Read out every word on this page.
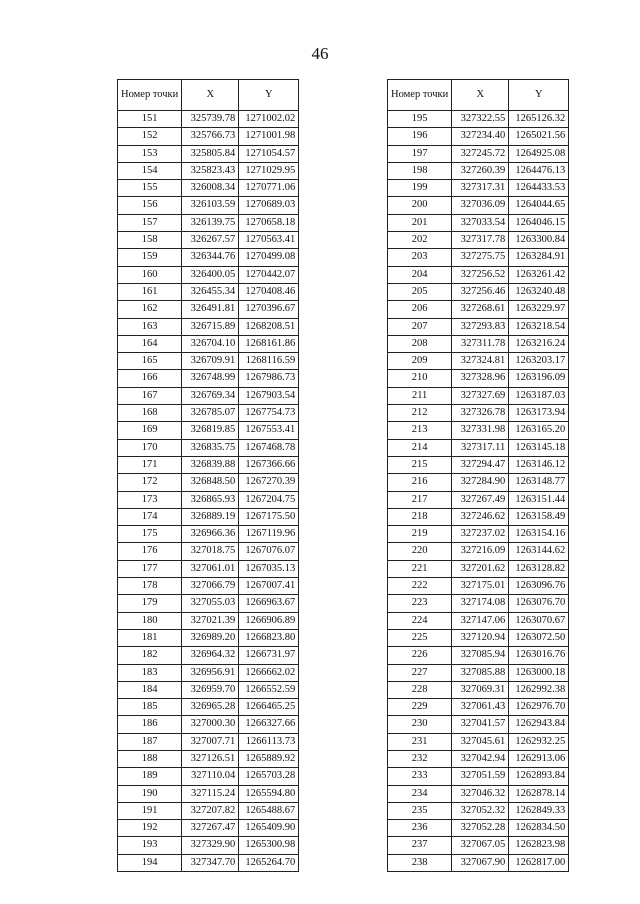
46
Номер точки	X	Y
151	325739.78	1271002.02
152	325766.73	1271001.98
153	325805.84	1271054.57
154	325823.43	1271029.95
155	326008.34	1270771.06
156	326103.59	1270689.03
157	326139.75	1270658.18
158	326267.57	1270563.41
159	326344.76	1270499.08
160	326400.05	1270442.07
161	326455.34	1270408.46
162	326491.81	1270396.67
163	326715.89	1268208.51
164	326704.10	1268161.86
165	326709.91	1268116.59
166	326748.99	1267986.73
167	326769.34	1267903.54
168	326785.07	1267754.73
169	326819.85	1267553.41
170	326835.75	1267468.78
171	326839.88	1267366.66
172	326848.50	1267270.39
173	326865.93	1267204.75
174	326889.19	1267175.50
175	326966.36	1267119.96
176	327018.75	1267076.07
177	327061.01	1267035.13
178	327066.79	1267007.41
179	327055.03	1266963.67
180	327021.39	1266906.89
181	326989.20	1266823.80
182	326964.32	1266731.97
183	326956.91	1266662.02
184	326959.70	1266552.59
185	326965.28	1266465.25
186	327000.30	1266327.66
187	327007.71	1266113.73
188	327126.51	1265889.92
189	327110.04	1265703.28
190	327115.24	1265594.80
191	327207.82	1265488.67
192	327267.47	1265409.90
193	327329.90	1265300.98
194	327347.70	1265264.70
Номер точки	X	Y
195	327322.55	1265126.32
196	327234.40	1265021.56
197	327245.72	1264925.08
198	327260.39	1264476.13
199	327317.31	1264433.53
200	327036.09	1264044.65
201	327033.54	1264046.15
202	327317.78	1263300.84
203	327275.75	1263284.91
204	327256.52	1263261.42
205	327256.46	1263240.48
206	327268.61	1263229.97
207	327293.83	1263218.54
208	327311.78	1263216.24
209	327324.81	1263203.17
210	327328.96	1263196.09
211	327327.69	1263187.03
212	327326.78	1263173.94
213	327331.98	1263165.20
214	327317.11	1263145.18
215	327294.47	1263146.12
216	327284.90	1263148.77
217	327267.49	1263151.44
218	327246.62	1263158.49
219	327237.02	1263154.16
220	327216.09	1263144.62
221	327201.62	1263128.82
222	327175.01	1263096.76
223	327174.08	1263076.70
224	327147.06	1263070.67
225	327120.94	1263072.50
226	327085.94	1263016.76
227	327085.88	1263000.18
228	327069.31	1262992.38
229	327061.43	1262976.70
230	327041.57	1262943.84
231	327045.61	1262932.25
232	327042.94	1262913.06
233	327051.59	1262893.84
234	327046.32	1262878.14
235	327052.32	1262849.33
236	327052.28	1262834.50
237	327067.05	1262823.98
238	327067.90	1262817.00
